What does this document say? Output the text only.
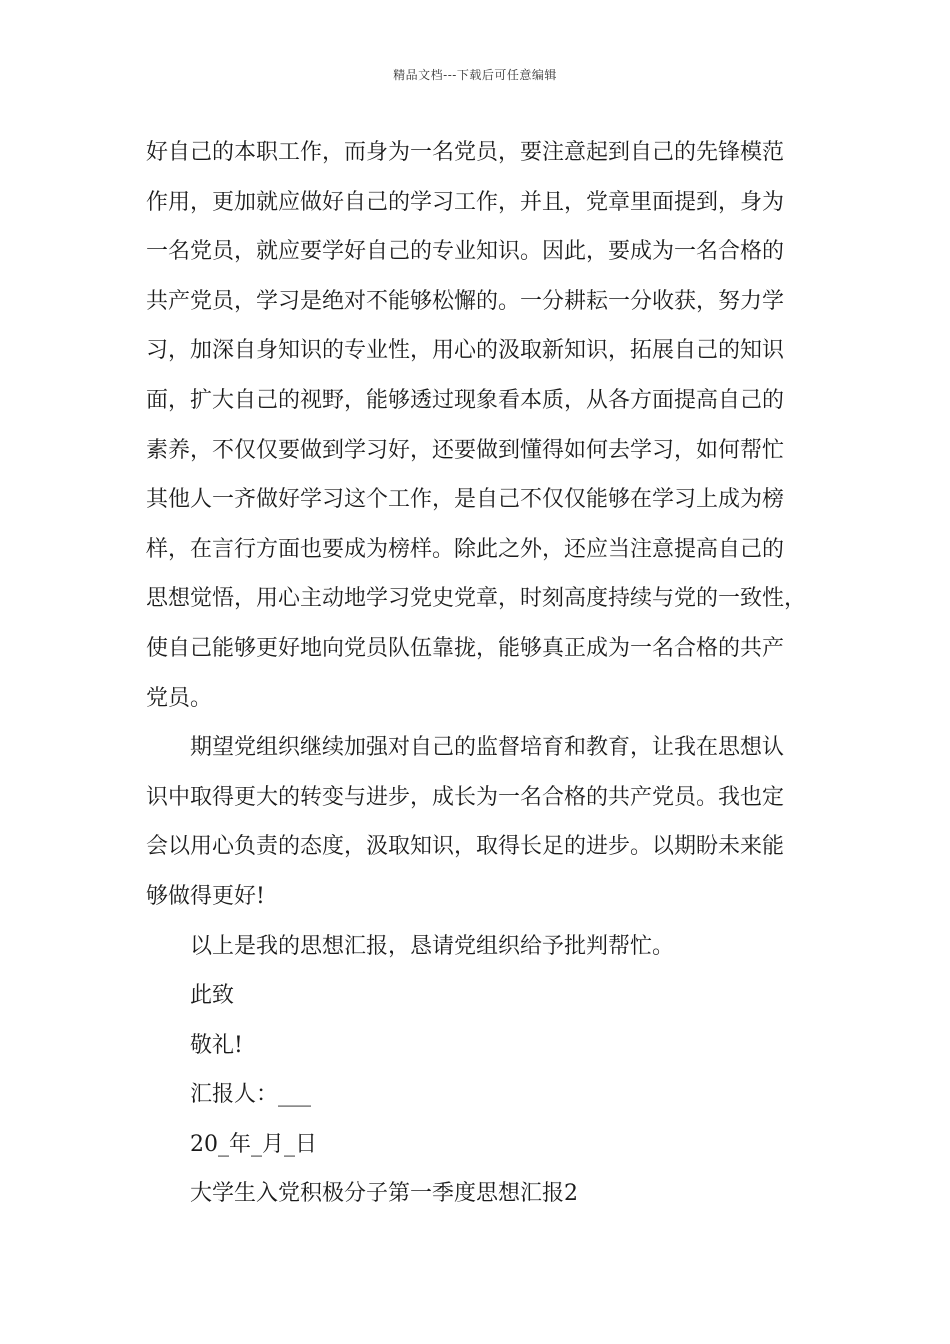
精品文档---下载后可任意编辑
好自己的本职工作，而身为一名党员，要注意起到自己的先锋模范
作用，更加就应做好自己的学习工作，并且，党章里面提到，身为
一名党员，就应要学好自己的专业知识。因此，要成为一名合格的
共产党员，学习是绝对不能够松懈的。一分耕耘一分收获，努力学
习，加深自身知识的专业性，用心的汲取新知识，拓展自己的知识
面，扩大自己的视野，能够透过现象看本质，从各方面提高自己的
素养，不仅仅要做到学习好，还要做到懂得如何去学习，如何帮忙
其他人一齐做好学习这个工作，是自己不仅仅能够在学习上成为榜
样，在言行方面也要成为榜样。除此之外，还应当注意提高自己的
思想觉悟，用心主动地学习党史党章，时刻高度持续与党的一致性，
使自己能够更好地向党员队伍靠拢，能够真正成为一名合格的共产
党员。
期望党组织继续加强对自己的监督培育和教育，让我在思想认
识中取得更大的转变与进步，成长为一名合格的共产党员。我也定
会以用心负责的态度，汲取知识，取得长足的进步。以期盼未来能
够做得更好!

以上是我的思想汇报，恳请党组织给予批判帮忙。

此致

敬礼!

汇报人：___

20_年_月_日

大学生入党积极分子第一季度思想汇报2
